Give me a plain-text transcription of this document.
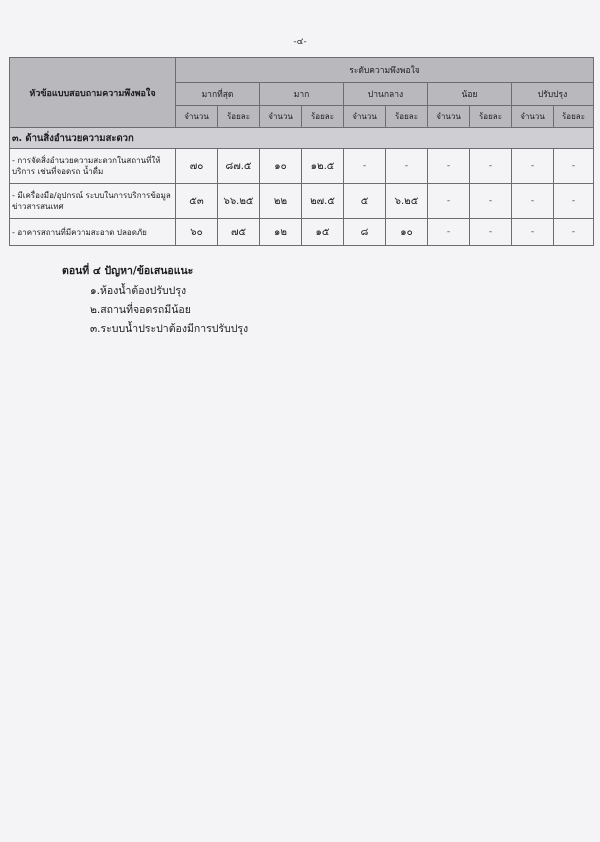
-๔-
หัวข้อแบบสอบถามความพึงพอใจ	ระดับความพึงพอใจ									
	มากที่สุด		มาก		ปานกลาง		น้อย		ปรับปรุง	
	จำนวน	ร้อยละ	จำนวน	ร้อยละ	จำนวน	ร้อยละ	จำนวน	ร้อยละ	จำนวน	ร้อยละ
๓. ด้านสิ่งอำนวยความสะดวก										
- การจัดสิ่งอำนวยความสะดวกในสถานที่ให้บริการ เช่นที่จอดรถ น้ำดื่ม	๗๐	๘๗.๕	๑๐	๑๒.๕	-	-	-	-	-	-
- มีเครื่องมือ/อุปกรณ์ ระบบในการบริการข้อมูลข่าวสารสนเทศ	๕๓	๖๖.๒๕	๒๒	๒๗.๕	๕	๖.๒๕	-	-	-	-
- อาคารสถานที่มีความสะอาด ปลอดภัย	๖๐	๗๕	๑๒	๑๕	๘	๑๐	-	-	-	-
ตอนที่ ๔ ปัญหา/ข้อเสนอแนะ
๑.ห้องน้ำต้องปรับปรุง
๒.สถานที่จอดรถมีน้อย
๓.ระบบน้ำประปาต้องมีการปรับปรุง
